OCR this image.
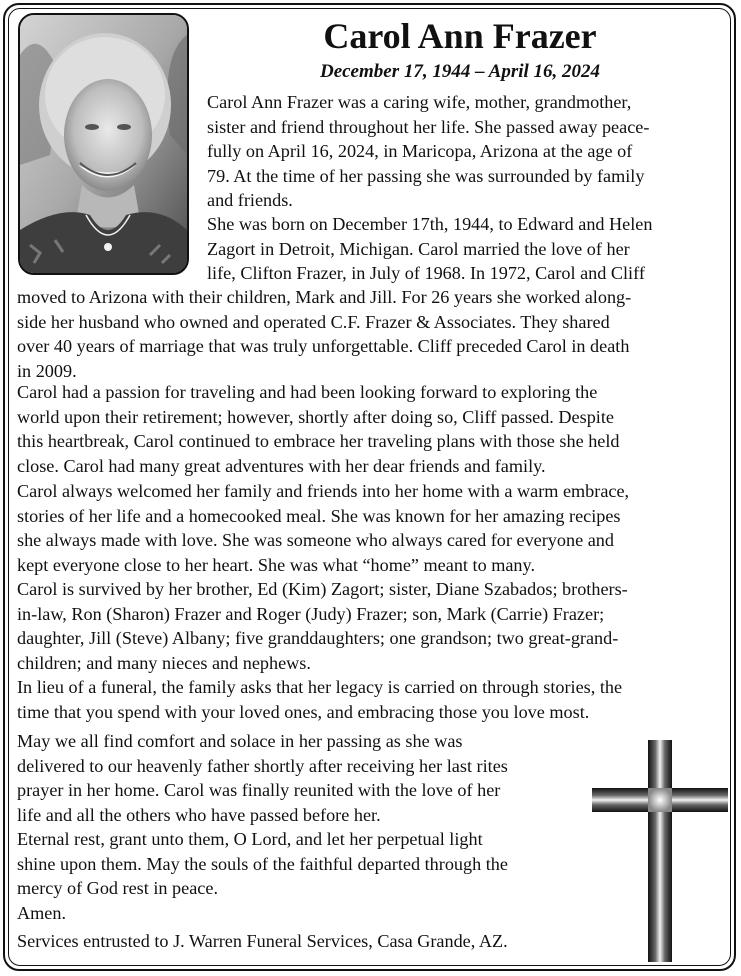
Carol Ann Frazer
December 17, 1944 – April 16, 2024
Carol Ann Frazer was a caring wife, mother, grandmother,
sister and friend throughout her life. She passed away peace-
fully on April 16, 2024, in Maricopa, Arizona at the age of
79. At the time of her passing she was surrounded by family
and friends.
She was born on December 17th, 1944, to Edward and Helen
Zagort in Detroit, Michigan. Carol married the love of her
life, Clifton Frazer, in July of 1968. In 1972, Carol and Cliff
moved to Arizona with their children, Mark and Jill. For 26 years she worked along-
side her husband who owned and operated C.F. Frazer & Associates. They shared
over 40 years of marriage that was truly unforgettable. Cliff preceded Carol in death
in 2009.
Carol had a passion for traveling and had been looking forward to exploring the
world upon their retirement; however, shortly after doing so, Cliff passed. Despite
this heartbreak, Carol continued to embrace her traveling plans with those she held
close. Carol had many great adventures with her dear friends and family.
Carol always welcomed her family and friends into her home with a warm embrace,
stories of her life and a homecooked meal. She was known for her amazing recipes
she always made with love. She was someone who always cared for everyone and
kept everyone close to her heart. She was what “home” meant to many.
Carol is survived by her brother, Ed (Kim) Zagort; sister, Diane Szabados; brothers-
in-law, Ron (Sharon) Frazer and Roger (Judy) Frazer; son, Mark (Carrie) Frazer;
daughter, Jill (Steve) Albany; five granddaughters; one grandson; two great-grand-
children; and many nieces and nephews.
In lieu of a funeral, the family asks that her legacy is carried on through stories, the
time that you spend with your loved ones, and embracing those you love most.
May we all find comfort and solace in her passing as she was
delivered to our heavenly father shortly after receiving her last rites
prayer in her home. Carol was finally reunited with the love of her
life and all the others who have passed before her.
Eternal rest, grant unto them, O Lord, and let her perpetual light
shine upon them. May the souls of the faithful departed through the
mercy of God rest in peace.
Amen.
Services entrusted to J. Warren Funeral Services, Casa Grande, AZ.
